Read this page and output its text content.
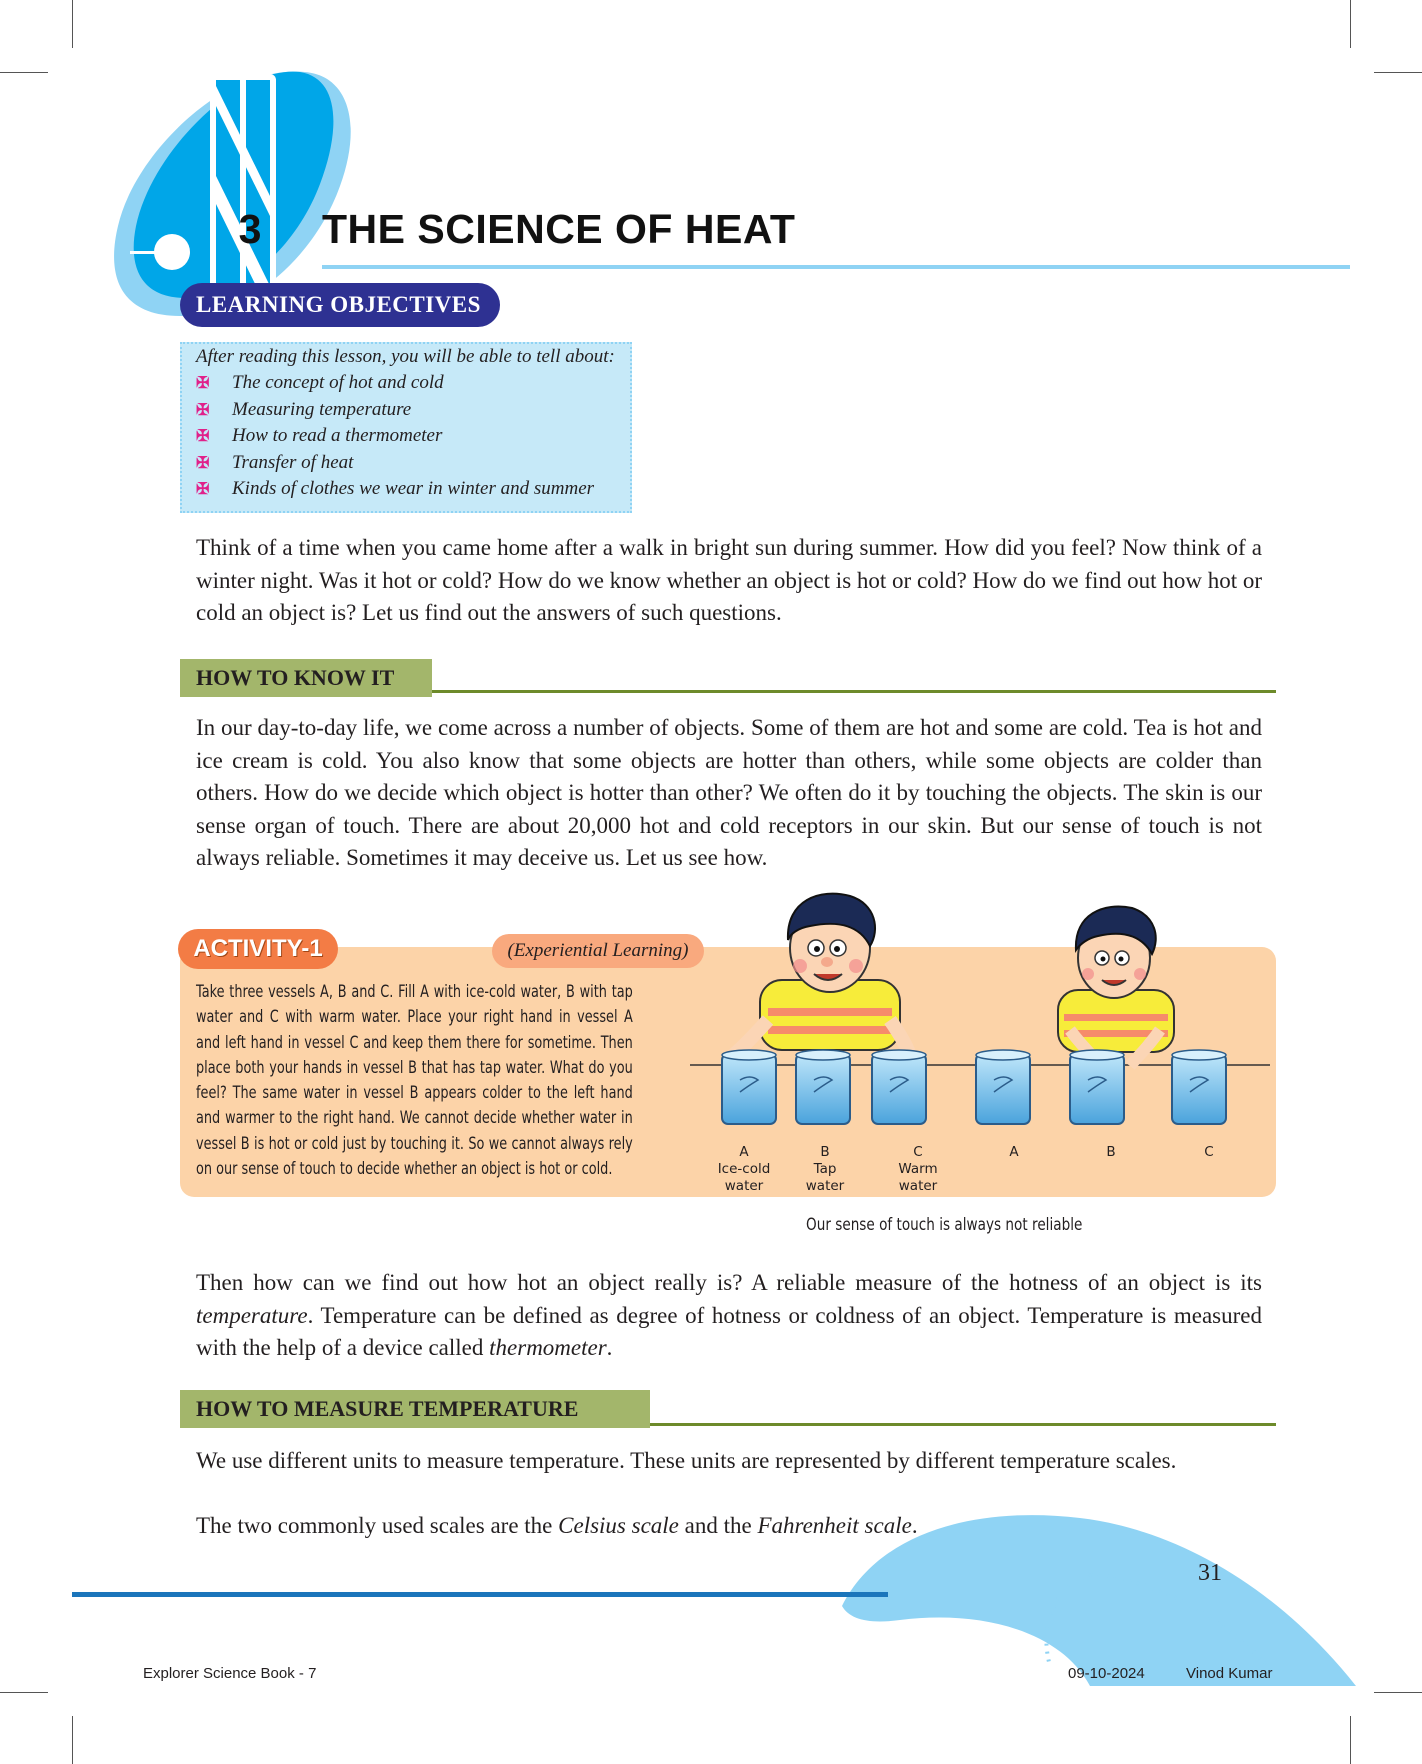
3	THE SCIENCE OF HEAT
LEARNING OBJECTIVES
After reading this lesson, you will be able to tell about:
✠ The concept of hot and cold
✠ Measuring temperature
✠ How to read a thermometer
✠ Transfer of heat
✠ Kinds of clothes we wear in winter and summer
Think of a time when you came home after a walk in bright sun during summer. How did you feel? Now think of a winter night. Was it hot or cold? How do we know whether an object is hot or cold? How do we find out how hot or cold an object is? Let us find out the answers of such questions.
HOW TO KNOW IT
In our day-to-day life, we come across a number of objects. Some of them are hot and some are cold. Tea is hot and ice cream is cold. You also know that some objects are hotter than others, while some objects are colder than others. How do we decide which object is hotter than other? We often do it by touching the objects. The skin is our sense organ of touch. There are about 20,000 hot and cold receptors in our skin. But our sense of touch is not always reliable. Sometimes it may deceive us. Let us see how.
ACTIVITY-1	(Experiential Learning)
Take three vessels A, B and C. Fill A with ice-cold water, B with tap water and C with warm water. Place your right hand in vessel A and left hand in vessel C and keep them there for sometime. Then place both your hands in vessel B that has tap water. What do you feel? The same water in vessel B appears colder to the left hand and warmer to the right hand. We cannot decide whether water in vessel B is hot or cold just by touching it. So we cannot always rely on our sense of touch to decide whether an object is hot or cold.
A
Ice-cold
water
B
Tap
water
C
Warm
water
A	B	C
Our sense of touch is always not reliable
Then how can we find out how hot an object really is? A reliable measure of the hotness of an object is its temperature. Temperature can be defined as degree of hotness or coldness of an object. Temperature is measured with the help of a device called thermometer.
HOW TO MEASURE TEMPERATURE
We use different units to measure temperature. These units are represented by different temperature scales.
The two commonly used scales are the Celsius scale and the Fahrenheit scale.
31
Explorer Science Book - 7	09-10-2024	Vinod Kumar
